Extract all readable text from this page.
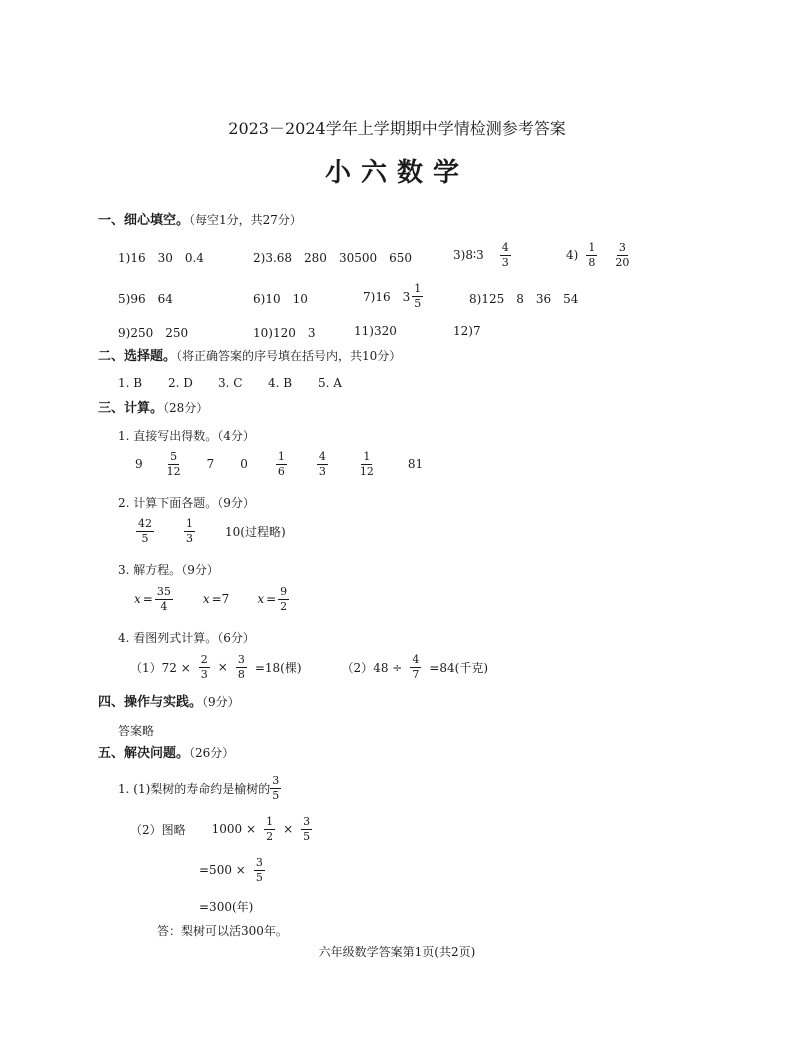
2023－2024学年上学期期中学情检测参考答案
小六数学
一、细心填空。（每空1分，共27分）
1)16　30　0.4	2)3.68　280　30500　650	3)8∶3 $\frac{4}{3}$	$4) \frac{1}{8} \frac{3}{20}$
5)96　64	6)10　10	7)16　$3 \frac{1}{5}$	8)125　8　36　54
9)250　250	10)120　3	11)320	12)7
二、选择题。（将正确答案的序号填在括号内，共10分）
1. B 2. D 3. C 4. B 5. A
三、计算。（28分）
1. 直接写出得数。（4分）
$9 \frac{5}{12} 7$ 0	$\frac{1}{6}$	$\frac{4}{3}$	$\frac{1}{12}$	81
2. 计算下面各题。（9分）
$\frac{42}{5}$	$\frac{1}{3}$	10(过程略)
3. 解方程。（9分）
$x = \frac{35}{4}$	x =7 $x = \frac{9}{2}$
4. 看图列式计算。（6分）
$(1)72 \times \frac{2}{3} \times \frac{3}{8} =18$(棵)	$(2)48 \div \frac{4}{7} =84$(千克)
四、操作与实践。（9分）
答案略
五、解决问题。（26分）
1. (1)梨树的寿命约是榆树的 $\frac{3}{5}$
（2）图略 $1000 \times \frac{1}{2} \times \frac{3}{5}$
$=500 \times \frac{3}{5}$
=300(年)
答：梨树可以活300年。
六年级数学答案第1页(共2页)
